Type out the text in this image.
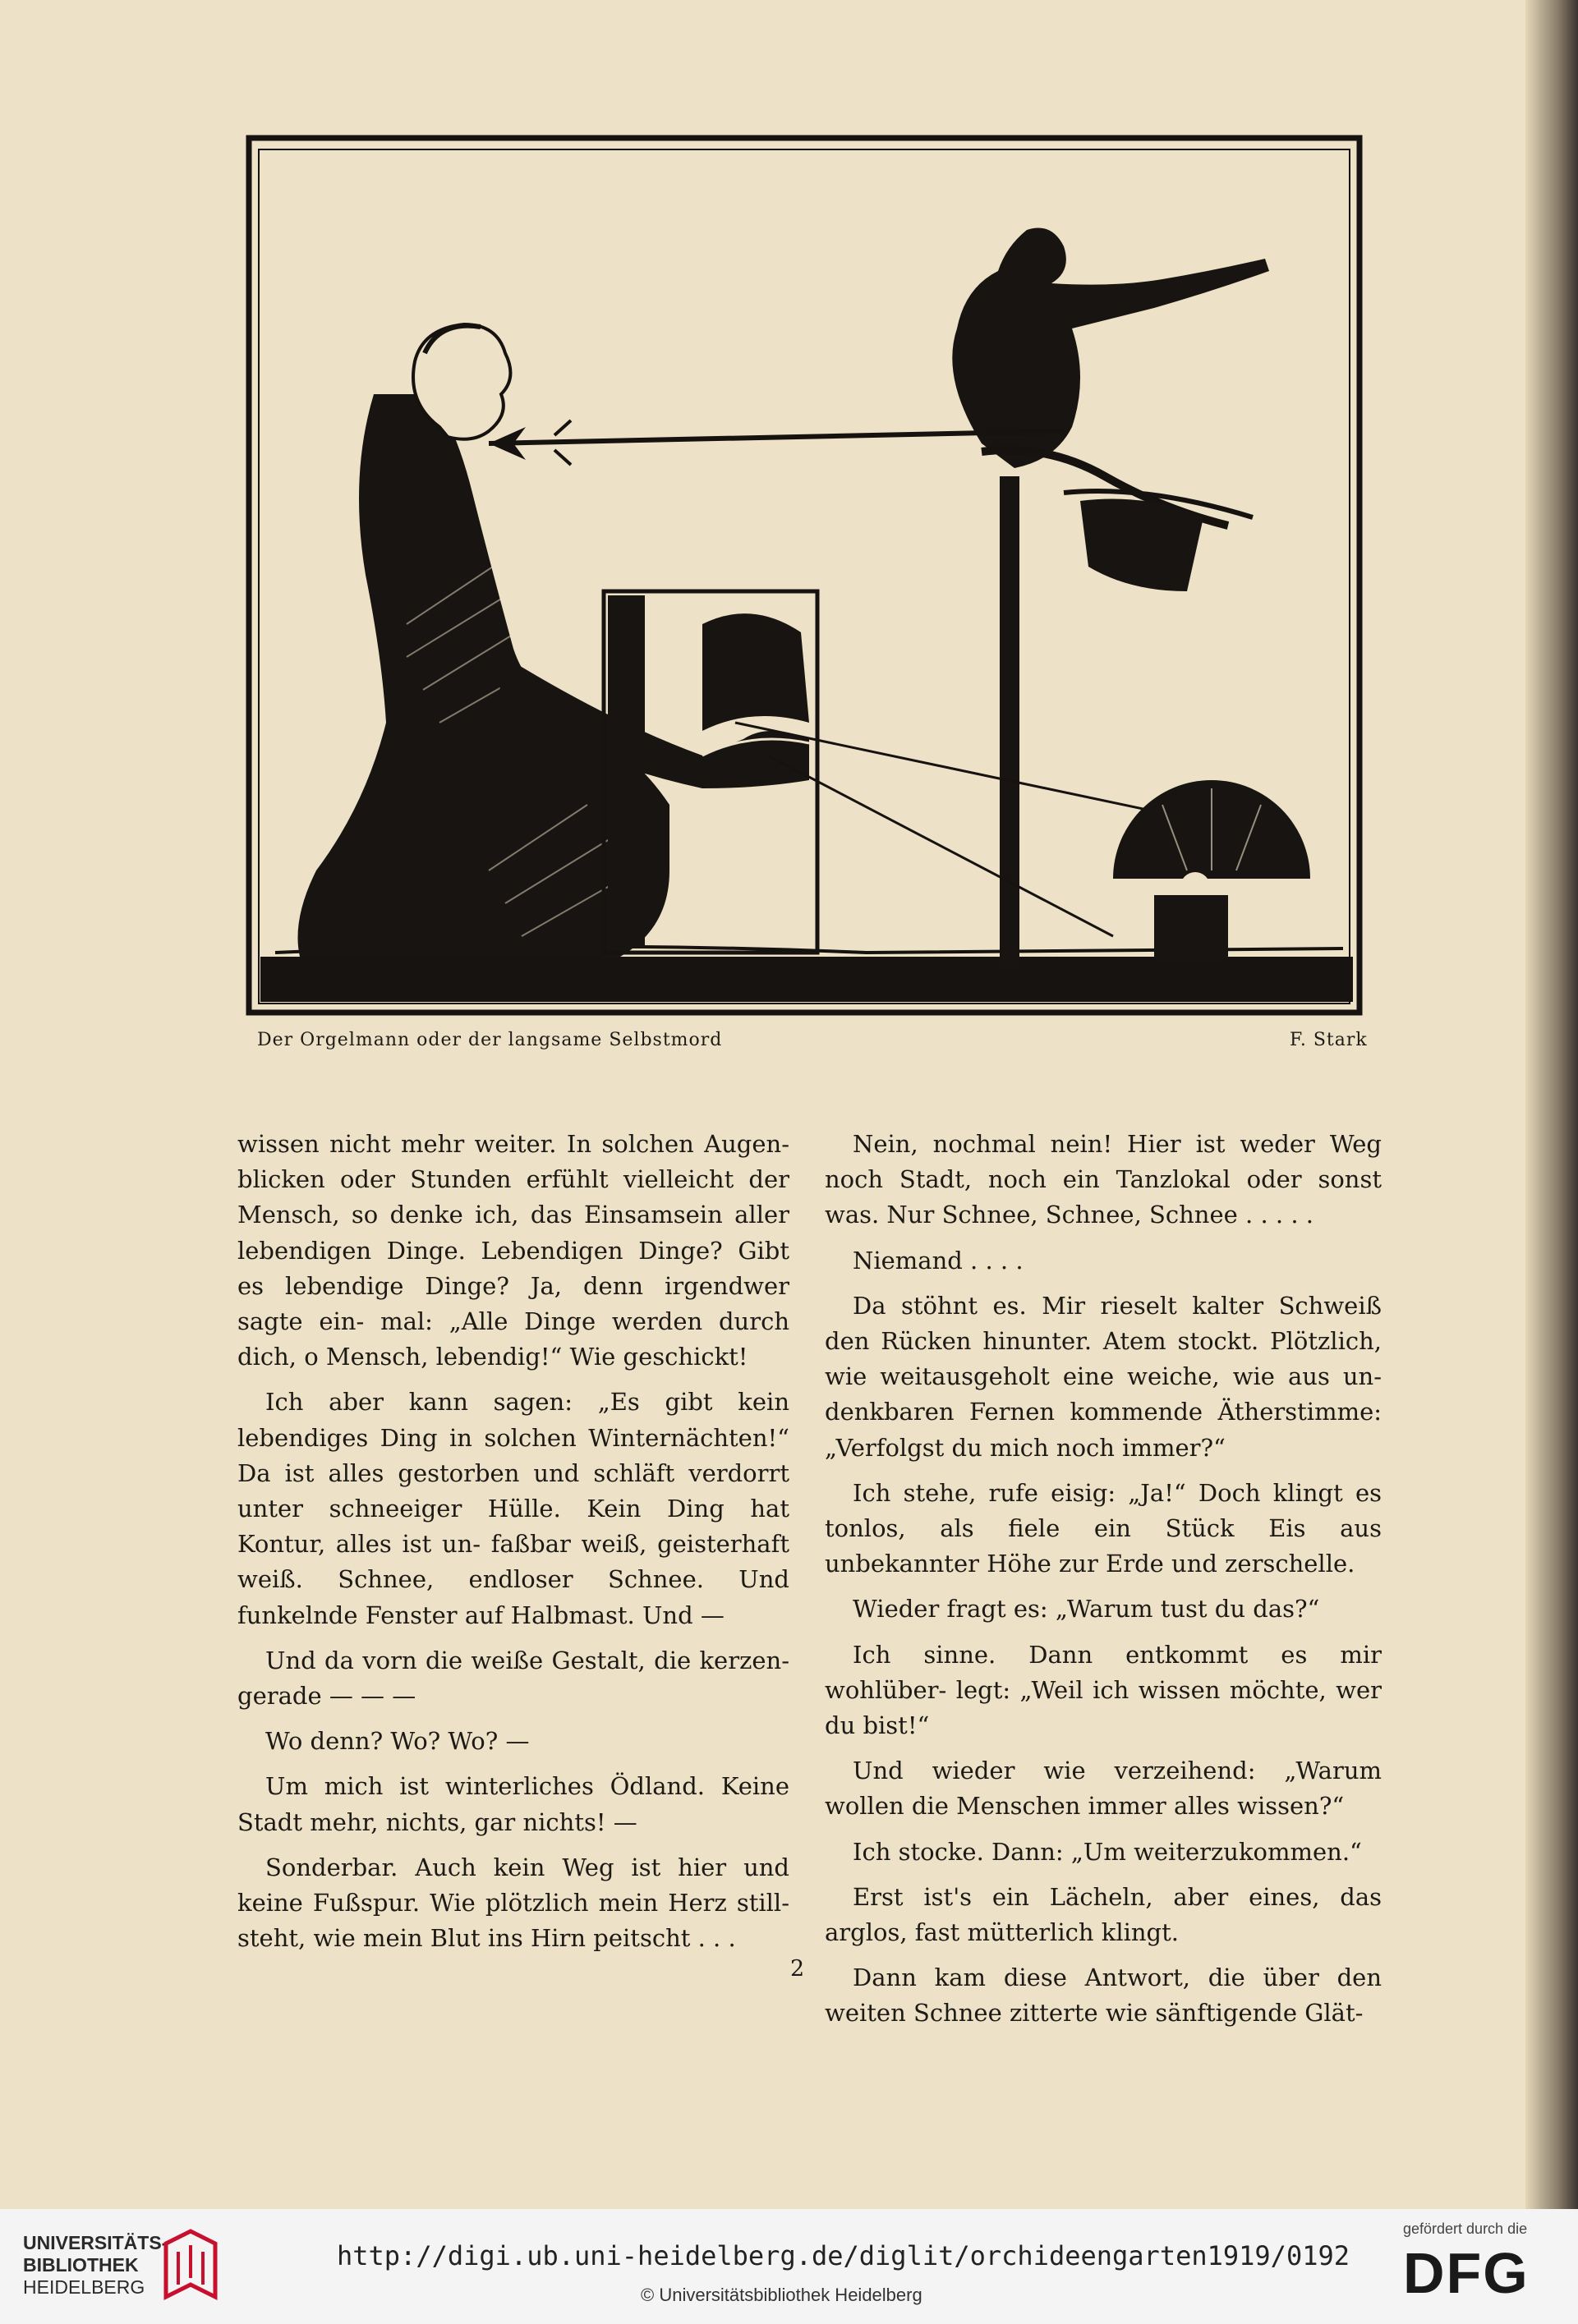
Der Orgelmann oder der langsame Selbstmord	F. Stark

wissen nicht mehr weiter. In solchen Augen- blicken oder Stunden erfühlt vielleicht der Mensch, so denke ich, das Einsamsein aller lebendigen Dinge. Lebendigen Dinge? Gibt es lebendige Dinge? Ja, denn irgendwer sagte ein- mal: „Alle Dinge werden durch dich, o Mensch, lebendig!“ Wie geschickt!

Ich aber kann sagen: „Es gibt kein lebendiges Ding in solchen Winternächten!“ Da ist alles gestorben und schläft verdorrt unter schneeiger Hülle. Kein Ding hat Kontur, alles ist un- faßbar weiß, geisterhaft weiß. Schnee, endloser Schnee. Und funkelnde Fenster auf Halbmast. Und —

Und da vorn die weiße Gestalt, die kerzen- gerade — — —

Wo denn? Wo? Wo? —

Um mich ist winterliches Ödland. Keine Stadt mehr, nichts, gar nichts! —

Sonderbar. Auch kein Weg ist hier und keine Fußspur. Wie plötzlich mein Herz still- steht, wie mein Blut ins Hirn peitscht . . .

Nein, nochmal nein! Hier ist weder Weg noch Stadt, noch ein Tanzlokal oder sonst was. Nur Schnee, Schnee, Schnee . . . . .

Niemand . . . .

Da stöhnt es. Mir rieselt kalter Schweiß den Rücken hinunter. Atem stockt. Plötzlich, wie weitausgeholt eine weiche, wie aus un- denkbaren Fernen kommende Ätherstimme: „Verfolgst du mich noch immer?“

Ich stehe, rufe eisig: „Ja!“ Doch klingt es tonlos, als fiele ein Stück Eis aus unbekannter Höhe zur Erde und zerschelle.

Wieder fragt es: „Warum tust du das?“

Ich sinne. Dann entkommt es mir wohlüber- legt: „Weil ich wissen möchte, wer du bist!“

Und wieder wie verzeihend: „Warum wollen die Menschen immer alles wissen?“

Ich stocke. Dann: „Um weiterzukommen.“

Erst ist's ein Lächeln, aber eines, das arglos, fast mütterlich klingt.

Dann kam diese Antwort, die über den weiten Schnee zitterte wie sänftigende Glät-

2
UNIVERSITÄTS-
BIBLIOTHEK
HEIDELBERG
http://digi.ub.uni-heidelberg.de/diglit/orchideengarten1919/0192
© Universitätsbibliothek Heidelberg
gefördert durch die
DFG
